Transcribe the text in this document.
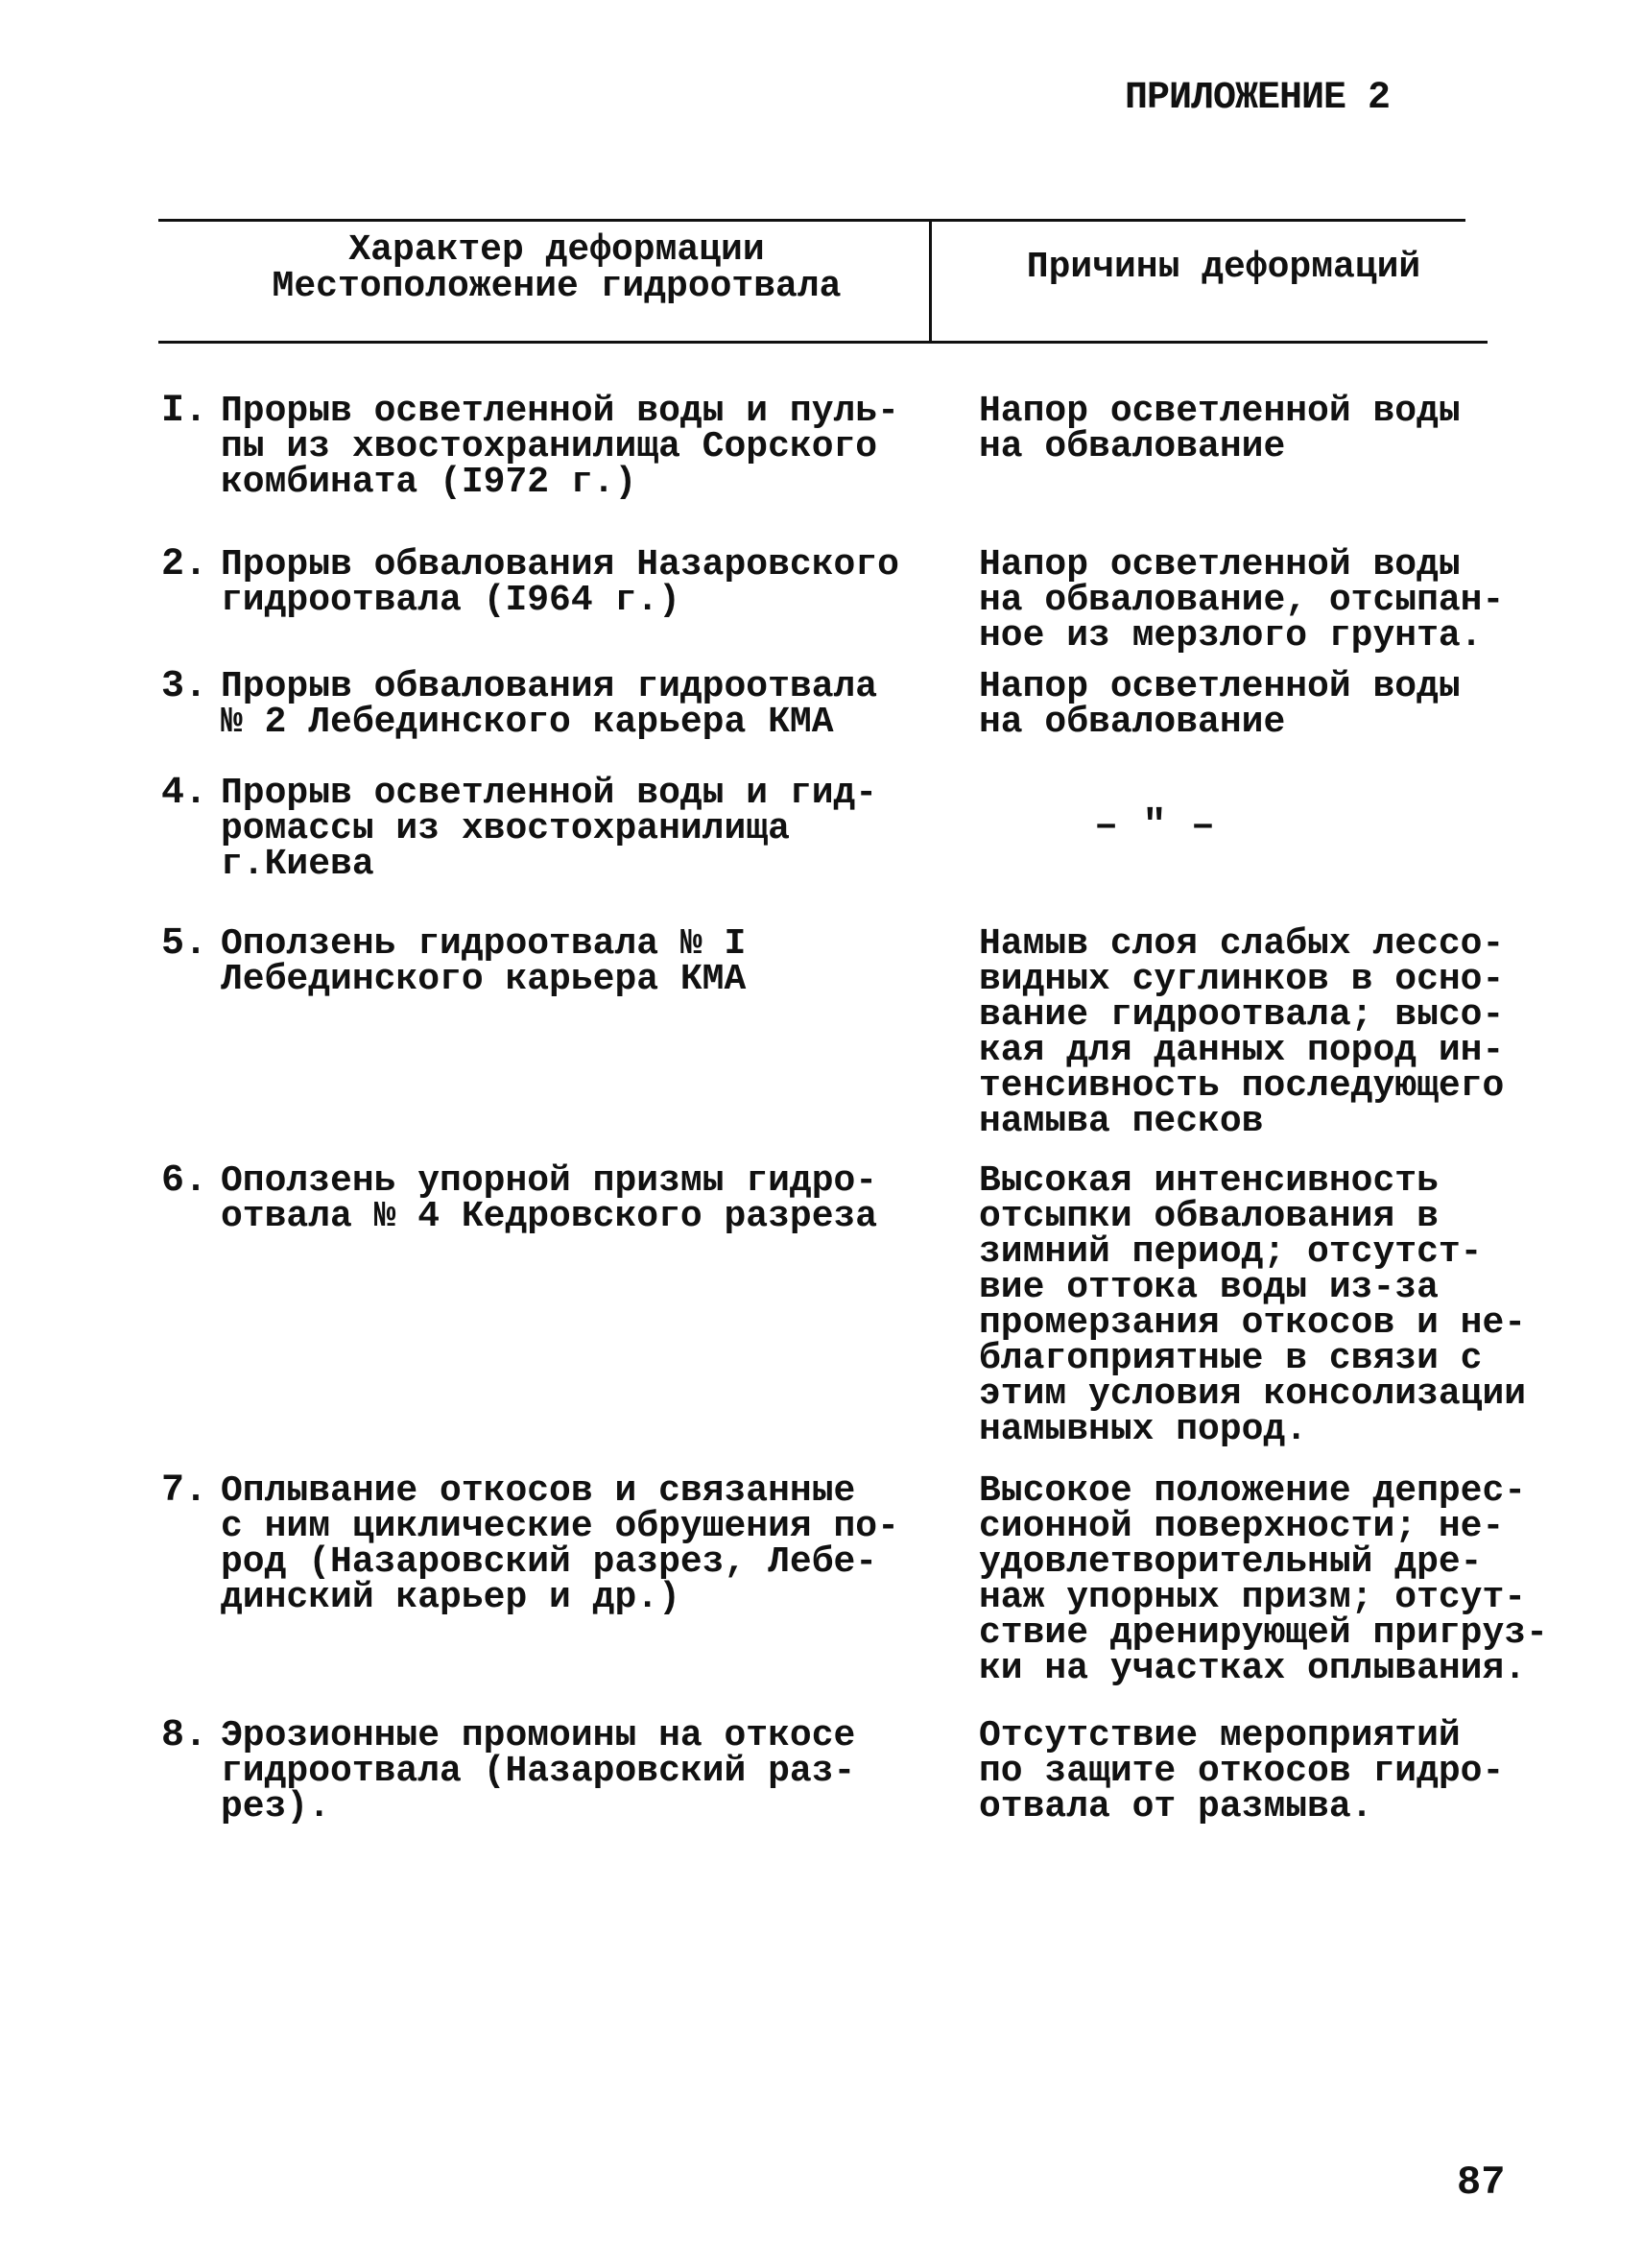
ПРИЛОЖЕНИЕ 2
Характер деформации
Местоположение гидроотвала	Причины деформаций
I. Прорыв осветленной воды и пуль-
пы из хвостохранилища Сорского
комбината (I972 г.)
Напор осветленной воды
на обвалование
2. Прорыв обвалования Назаровского
гидроотвала (I964 г.)
Напор осветленной воды
на обвалование, отсыпан-
ное из мерзлого грунта.
3. Прорыв обвалования гидроотвала
№ 2 Лебединского карьера КМА
Напор осветленной воды
на обвалование
4. Прорыв осветленной воды и гид-
ромассы из хвостохранилища
г.Киева
– " –
5. Оползень гидроотвала № I
Лебединского карьера КМА
Намыв слоя слабых лессо-
видных суглинков в осно-
вание гидроотвала; высо-
кая для данных пород ин-
тенсивность последующего
намыва песков
6. Оползень упорной призмы гидро-
отвала № 4 Кедровского разреза
Высокая интенсивность
отсыпки обвалования в
зимний период; отсутст-
вие оттока воды из-за
промерзания откосов и не-
благоприятные в связи с
этим условия консолизации
намывных пород.
7. Оплывание откосов и связанные
с ним циклические обрушения по-
род (Назаровский разрез, Лебе-
динский карьер и др.)
Высокое положение депрес-
сионной поверхности; не-
удовлетворительный дре-
наж упорных призм; отсут-
ствие дренирующей пригруз-
ки на участках оплывания.
8. Эрозионные промоины на откосе
гидроотвала (Назаровский раз-
рез).
Отсутствие мероприятий
по защите откосов гидро-
отвала от размыва.
87
